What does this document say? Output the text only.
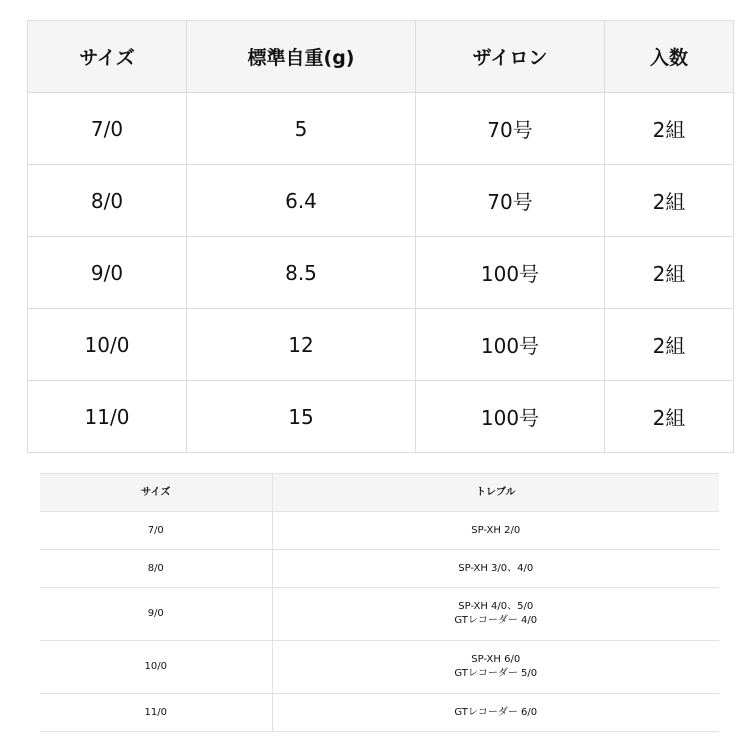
サイズ	標準自重(g)	ザイロン	入数
7/0	5	70号	2組
8/0	6.4	70号	2組
9/0	8.5	100号	2組
10/0	12	100号	2組
11/0	15	100号	2組
サイズ	トレブル
7/0	SP-XH 2/0

8/0	SP-XH 3/0、4/0

9/0	SP-XH 4/0、5/0
GTレコーダー 4/0

10/0	SP-XH 6/0
GTレコーダー 5/0

11/0	GTレコーダー 6/0
